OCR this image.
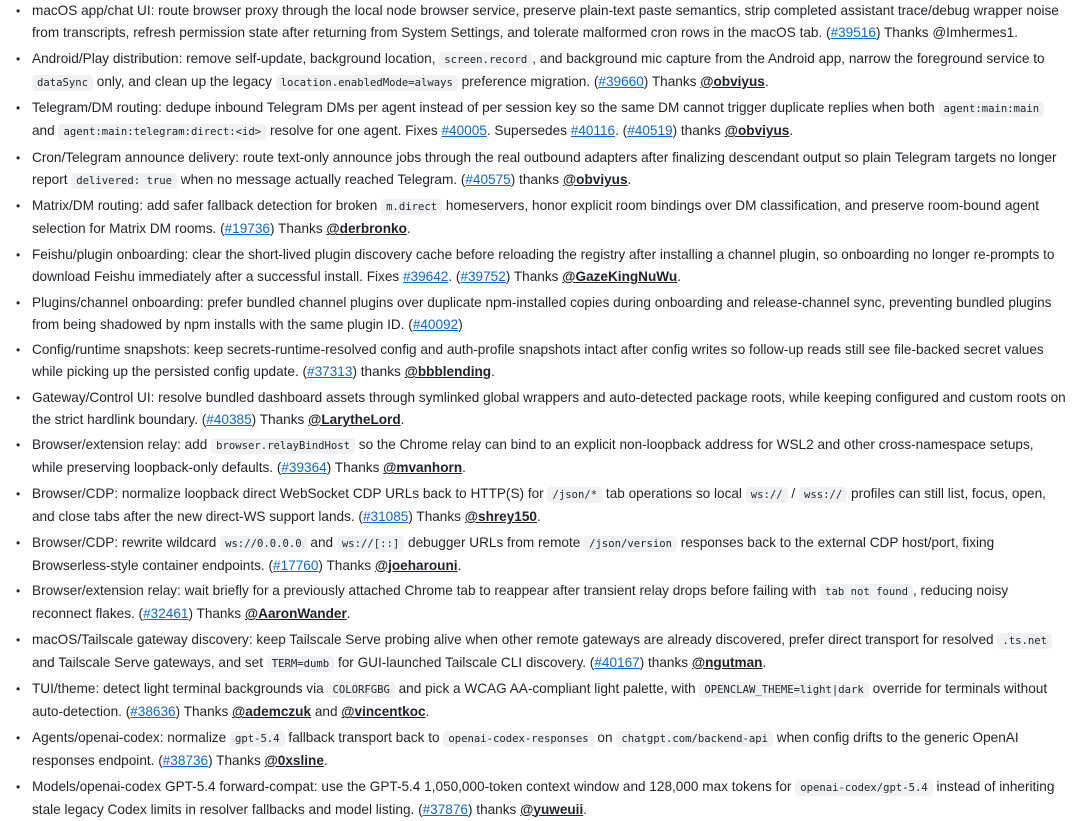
• macOS app/chat UI: route browser proxy through the local node browser service, preserve plain-text paste semantics, strip completed assistant trace/debug wrapper noise from transcripts, refresh permission state after returning from System Settings, and tolerate malformed cron rows in the macOS tab. (#39516) Thanks @Imhermes1.
• Android/Play distribution: remove self-update, background location, screen.record , and background mic capture from the Android app, narrow the foreground service to dataSync only, and clean up the legacy location.enabledMode=always preference migration. (#39660) Thanks @obviyus.
• Telegram/DM routing: dedupe inbound Telegram DMs per agent instead of per session key so the same DM cannot trigger duplicate replies when both agent:main:main and agent:main:telegram:direct:<id> resolve for one agent. Fixes #40005. Supersedes #40116. (#40519) thanks @obviyus.
• Cron/Telegram announce delivery: route text-only announce jobs through the real outbound adapters after finalizing descendant output so plain Telegram targets no longer report delivered: true when no message actually reached Telegram. (#40575) thanks @obviyus.
• Matrix/DM routing: add safer fallback detection for broken m.direct homeservers, honor explicit room bindings over DM classification, and preserve room-bound agent selection for Matrix DM rooms. (#19736) Thanks @derbronko.
• Feishu/plugin onboarding: clear the short-lived plugin discovery cache before reloading the registry after installing a channel plugin, so onboarding no longer re-prompts to download Feishu immediately after a successful install. Fixes #39642. (#39752) Thanks @GazeKingNuWu.
• Plugins/channel onboarding: prefer bundled channel plugins over duplicate npm-installed copies during onboarding and release-channel sync, preventing bundled plugins from being shadowed by npm installs with the same plugin ID. (#40092)
• Config/runtime snapshots: keep secrets-runtime-resolved config and auth-profile snapshots intact after config writes so follow-up reads still see file-backed secret values while picking up the persisted config update. (#37313) thanks @bbblending.
• Gateway/Control UI: resolve bundled dashboard assets through symlinked global wrappers and auto-detected package roots, while keeping configured and custom roots on the strict hardlink boundary. (#40385) Thanks @LarytheLord.
• Browser/extension relay: add browser.relayBindHost so the Chrome relay can bind to an explicit non-loopback address for WSL2 and other cross-namespace setups, while preserving loopback-only defaults. (#39364) Thanks @mvanhorn.
• Browser/CDP: normalize loopback direct WebSocket CDP URLs back to HTTP(S) for /json/* tab operations so local ws:// / wss:// profiles can still list, focus, open, and close tabs after the new direct-WS support lands. (#31085) Thanks @shrey150.
• Browser/CDP: rewrite wildcard ws://0.0.0.0 and ws://[::] debugger URLs from remote /json/version responses back to the external CDP host/port, fixing Browserless-style container endpoints. (#17760) Thanks @joeharouni.
• Browser/extension relay: wait briefly for a previously attached Chrome tab to reappear after transient relay drops before failing with tab not found , reducing noisy reconnect flakes. (#32461) Thanks @AaronWander.
• macOS/Tailscale gateway discovery: keep Tailscale Serve probing alive when other remote gateways are already discovered, prefer direct transport for resolved .ts.net and Tailscale Serve gateways, and set TERM=dumb for GUI-launched Tailscale CLI discovery. (#40167) thanks @ngutman.
• TUI/theme: detect light terminal backgrounds via COLORFGBG and pick a WCAG AA-compliant light palette, with OPENCLAW_THEME=light|dark override for terminals without auto-detection. (#38636) Thanks @ademczuk and @vincentkoc.
• Agents/openai-codex: normalize gpt-5.4 fallback transport back to openai-codex-responses on chatgpt.com/backend-api when config drifts to the generic OpenAI responses endpoint. (#38736) Thanks @0xsline.
• Models/openai-codex GPT-5.4 forward-compat: use the GPT-5.4 1,050,000-token context window and 128,000 max tokens for openai-codex/gpt-5.4 instead of inheriting stale legacy Codex limits in resolver fallbacks and model listing. (#37876) thanks @yuweuii.
